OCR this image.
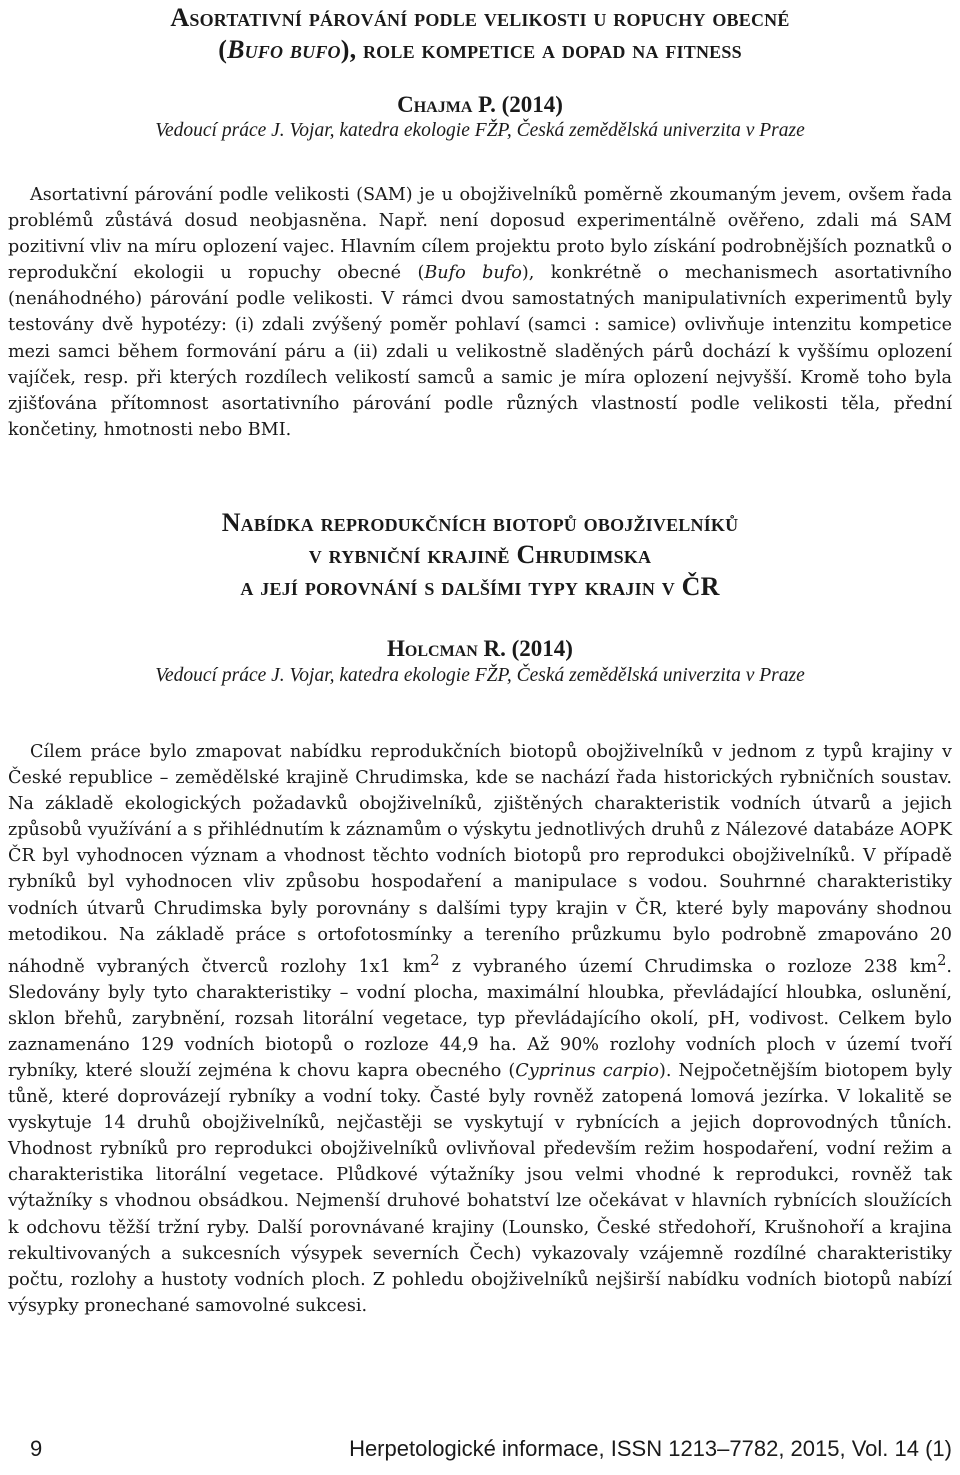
Asortativní párování podle velikosti u ropuchy obecné
(Bufo bufo), role kompetice a dopad na fitness

Chajma P. (2014)

Vedoucí práce J. Vojar, katedra ekologie FŽP, Česká zemědělská univerzita v Praze

Asortativní párování podle velikosti (SAM) je u obojživelníků poměrně zkoumaným jevem, ovšem řada problémů zůstává dosud neobjasněna. Např. není doposud experimentálně ověřeno, zdali má SAM pozitivní vliv na míru oplození vajec. Hlavním cílem projektu proto bylo získání podrobnějších poznatků o reprodukční ekologii u ropuchy obecné (Bufo bufo), konkrétně o mechanismech asortativního (nenáhodného) párování podle velikosti. V rámci dvou samostatných manipulativních experimentů byly testovány dvě hypotézy: (i) zdali zvýšený poměr pohlaví (samci : samice) ovlivňuje intenzitu kompetice mezi samci během formování páru a (ii) zdali u velikostně sladěných párů dochází k vyššímu oplození vajíček, resp. při kterých rozdílech velikostí samců a samic je míra oplození nejvyšší. Kromě toho byla zjišťována přítomnost asortativního párování podle různých vlastností podle velikosti těla, přední končetiny, hmotnosti nebo BMI.

Nabídka reprodukčních biotopů obojživelníků
v rybniční krajině Chrudimska
a její porovnání s dalšími typy krajin v ČR

Holcman R. (2014)

Vedoucí práce J. Vojar, katedra ekologie FŽP, Česká zemědělská univerzita v Praze

Cílem práce bylo zmapovat nabídku reprodukčních biotopů obojživelníků v jednom z typů krajiny v České republice – zemědělské krajině Chrudimska, kde se nachází řada historických rybničních soustav. Na základě ekologických požadavků obojživelníků, zjištěných charakteristik vodních útvarů a jejich způsobů využívání a s přihlédnutím k záznamům o výskytu jednotlivých druhů z Nálezové databáze AOPK ČR byl vyhodnocen význam a vhodnost těchto vodních biotopů pro reprodukci obojživelníků. V případě rybníků byl vyhodnocen vliv způsobu hospodaření a manipulace s vodou. Souhrnné charakteristiky vodních útvarů Chrudimska byly porovnány s dalšími typy krajin v ČR, které byly mapovány shodnou metodikou. Na základě práce s ortofotosmínky a tereního průzkumu bylo podrobně zmapováno 20 náhodně vybraných čtverců rozlohy 1x1 $km^2$ z vybraného území Chrudimska o rozloze 238 $km^2$. Sledovány byly tyto charakteristiky – vodní plocha, maximální hloubka, převládající hloubka, oslunění, sklon břehů, zarybnění, rozsah litorální vegetace, typ převládajícího okolí, pH, vodivost. Celkem bylo zaznamenáno 129 vodních biotopů o rozloze 44,9 ha. Až 90% rozlohy vodních ploch v území tvoří rybníky, které slouží zejména k chovu kapra obecného (Cyprinus carpio). Nejpočetnějším biotopem byly tůně, které doprovázejí rybníky a vodní toky. Časté byly rovněž zatopená lomová jezírka. V lokalitě se vyskytuje 14 druhů obojživelníků, nejčastěji se vyskytují v rybnících a jejich doprovodných tůních. Vhodnost rybníků pro reprodukci obojživelníků ovlivňoval především režim hospodaření, vodní režim a charakteristika litorální vegetace. Plůdkové výtažníky jsou velmi vhodné k reprodukci, rovněž tak výtažníky s vhodnou obsádkou. Nejmenší druhové bohatství lze očekávat v hlavních rybnících sloužících k odchovu těžší tržní ryby. Další porovnávané krajiny (Lounsko, České středohoří, Krušnohoří a krajina rekultivovaných a sukcesních výsypek severních Čech) vykazovaly vzájemně rozdílné charakteristiky počtu, rozlohy a hustoty vodních ploch. Z pohledu obojživelníků nejširší nabídku vodních biotopů nabízí výsypky pronechané samovolné sukcesi.

9	Herpetologické informace, ISSN 1213–7782, 2015, Vol. 14 (1)
